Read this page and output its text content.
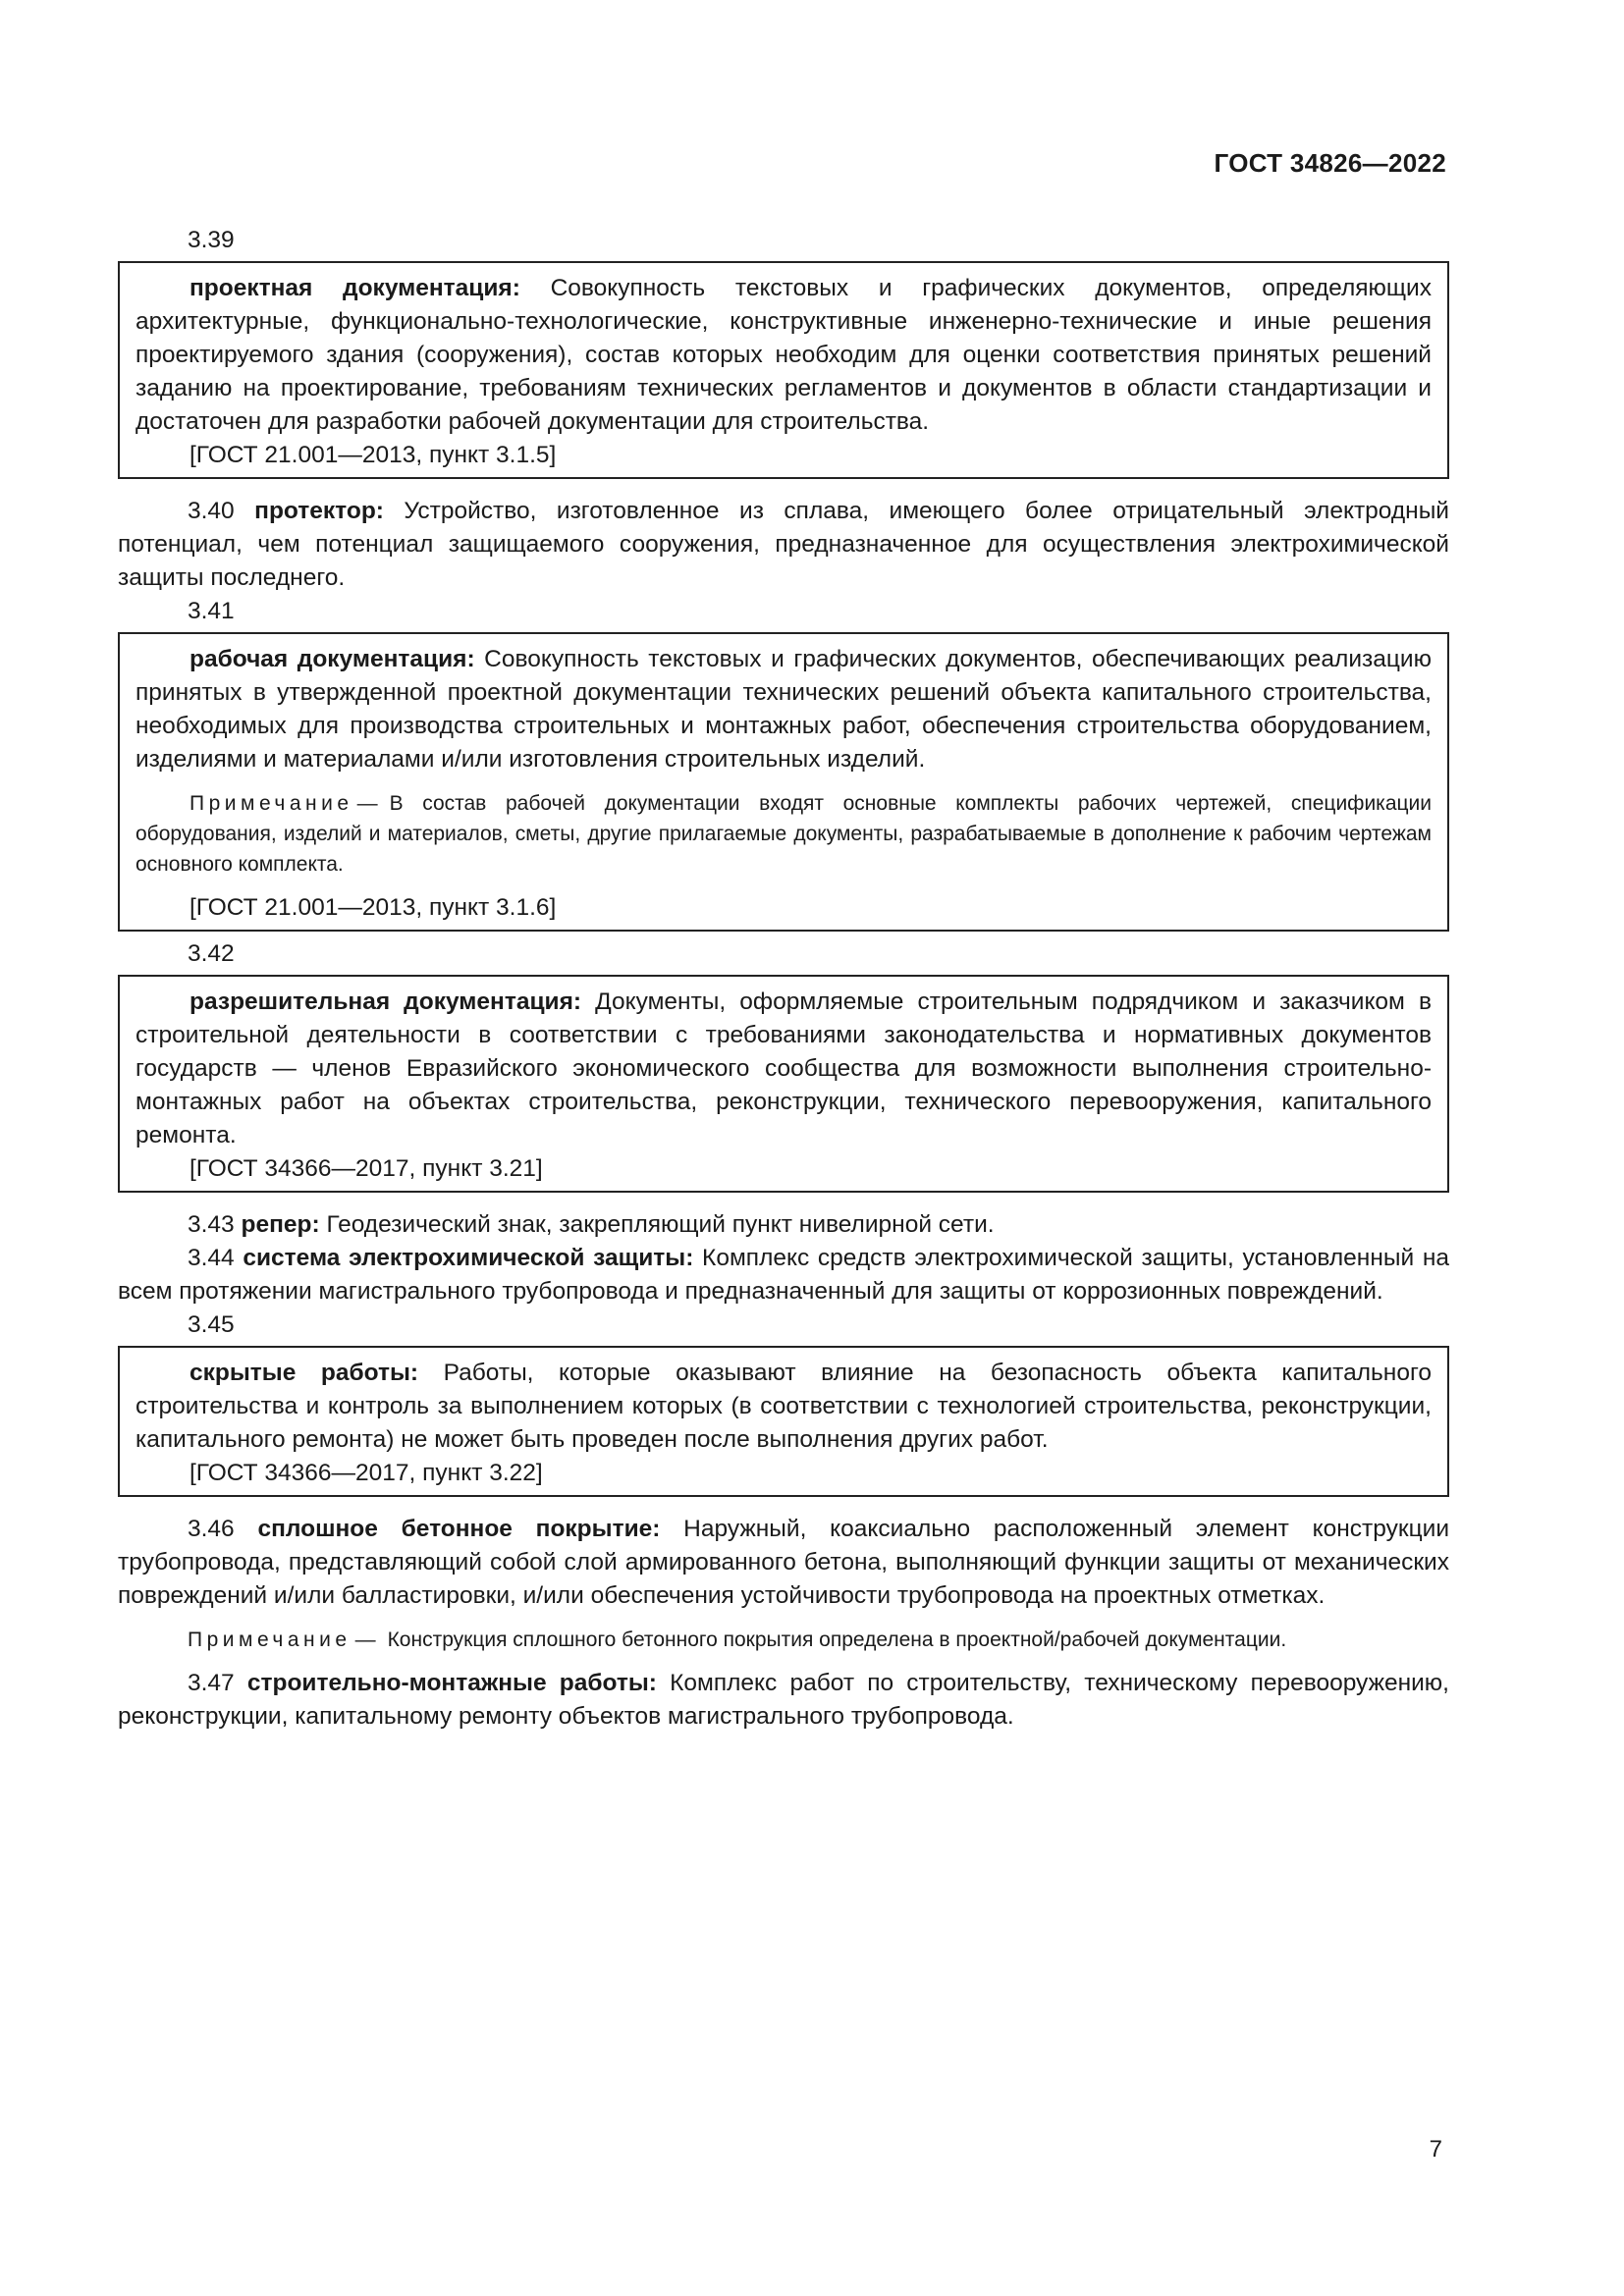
ГОСТ 34826—2022

3.39

проектная документация: Совокупность текстовых и графических документов, определяющих архитектурные, функционально-технологические, конструктивные инженерно-технические и иные решения проектируемого здания (сооружения), состав которых необходим для оценки соответствия принятых решений заданию на проектирование, требованиям технических регламентов и документов в области стандартизации и достаточен для разработки рабочей документации для строительства.

[ГОСТ 21.001—2013, пункт 3.1.5]

3.40 протектор: Устройство, изготовленное из сплава, имеющего более отрицательный электродный потенциал, чем потенциал защищаемого сооружения, предназначенное для осуществления электрохимической защиты последнего.

3.41

рабочая документация: Совокупность текстовых и графических документов, обеспечивающих реализацию принятых в утвержденной проектной документации технических решений объекта капитального строительства, необходимых для производства строительных и монтажных работ, обеспечения строительства оборудованием, изделиями и материалами и/или изготовления строительных изделий.

Примечание — В состав рабочей документации входят основные комплекты рабочих чертежей, спецификации оборудования, изделий и материалов, сметы, другие прилагаемые документы, разрабатываемые в дополнение к рабочим чертежам основного комплекта.

[ГОСТ 21.001—2013, пункт 3.1.6]

3.42

разрешительная документация: Документы, оформляемые строительным подрядчиком и заказчиком в строительной деятельности в соответствии с требованиями законодательства и нормативных документов государств — членов Евразийского экономического сообщества для возможности выполнения строительно-монтажных работ на объектах строительства, реконструкции, технического перевооружения, капитального ремонта.

[ГОСТ 34366—2017, пункт 3.21]

3.43 репер: Геодезический знак, закрепляющий пункт нивелирной сети.

3.44 система электрохимической защиты: Комплекс средств электрохимической защиты, установленный на всем протяжении магистрального трубопровода и предназначенный для защиты от коррозионных повреждений.

3.45

скрытые работы: Работы, которые оказывают влияние на безопасность объекта капитального строительства и контроль за выполнением которых (в соответствии с технологией строительства, реконструкции, капитального ремонта) не может быть проведен после выполнения других работ.

[ГОСТ 34366—2017, пункт 3.22]

3.46 сплошное бетонное покрытие: Наружный, коаксиально расположенный элемент конструкции трубопровода, представляющий собой слой армированного бетона, выполняющий функции защиты от механических повреждений и/или балластировки, и/или обеспечения устойчивости трубопровода на проектных отметках.

Примечание — Конструкция сплошного бетонного покрытия определена в проектной/рабочей документации.

3.47 строительно-монтажные работы: Комплекс работ по строительству, техническому перевооружению, реконструкции, капитальному ремонту объектов магистрального трубопровода.

7
